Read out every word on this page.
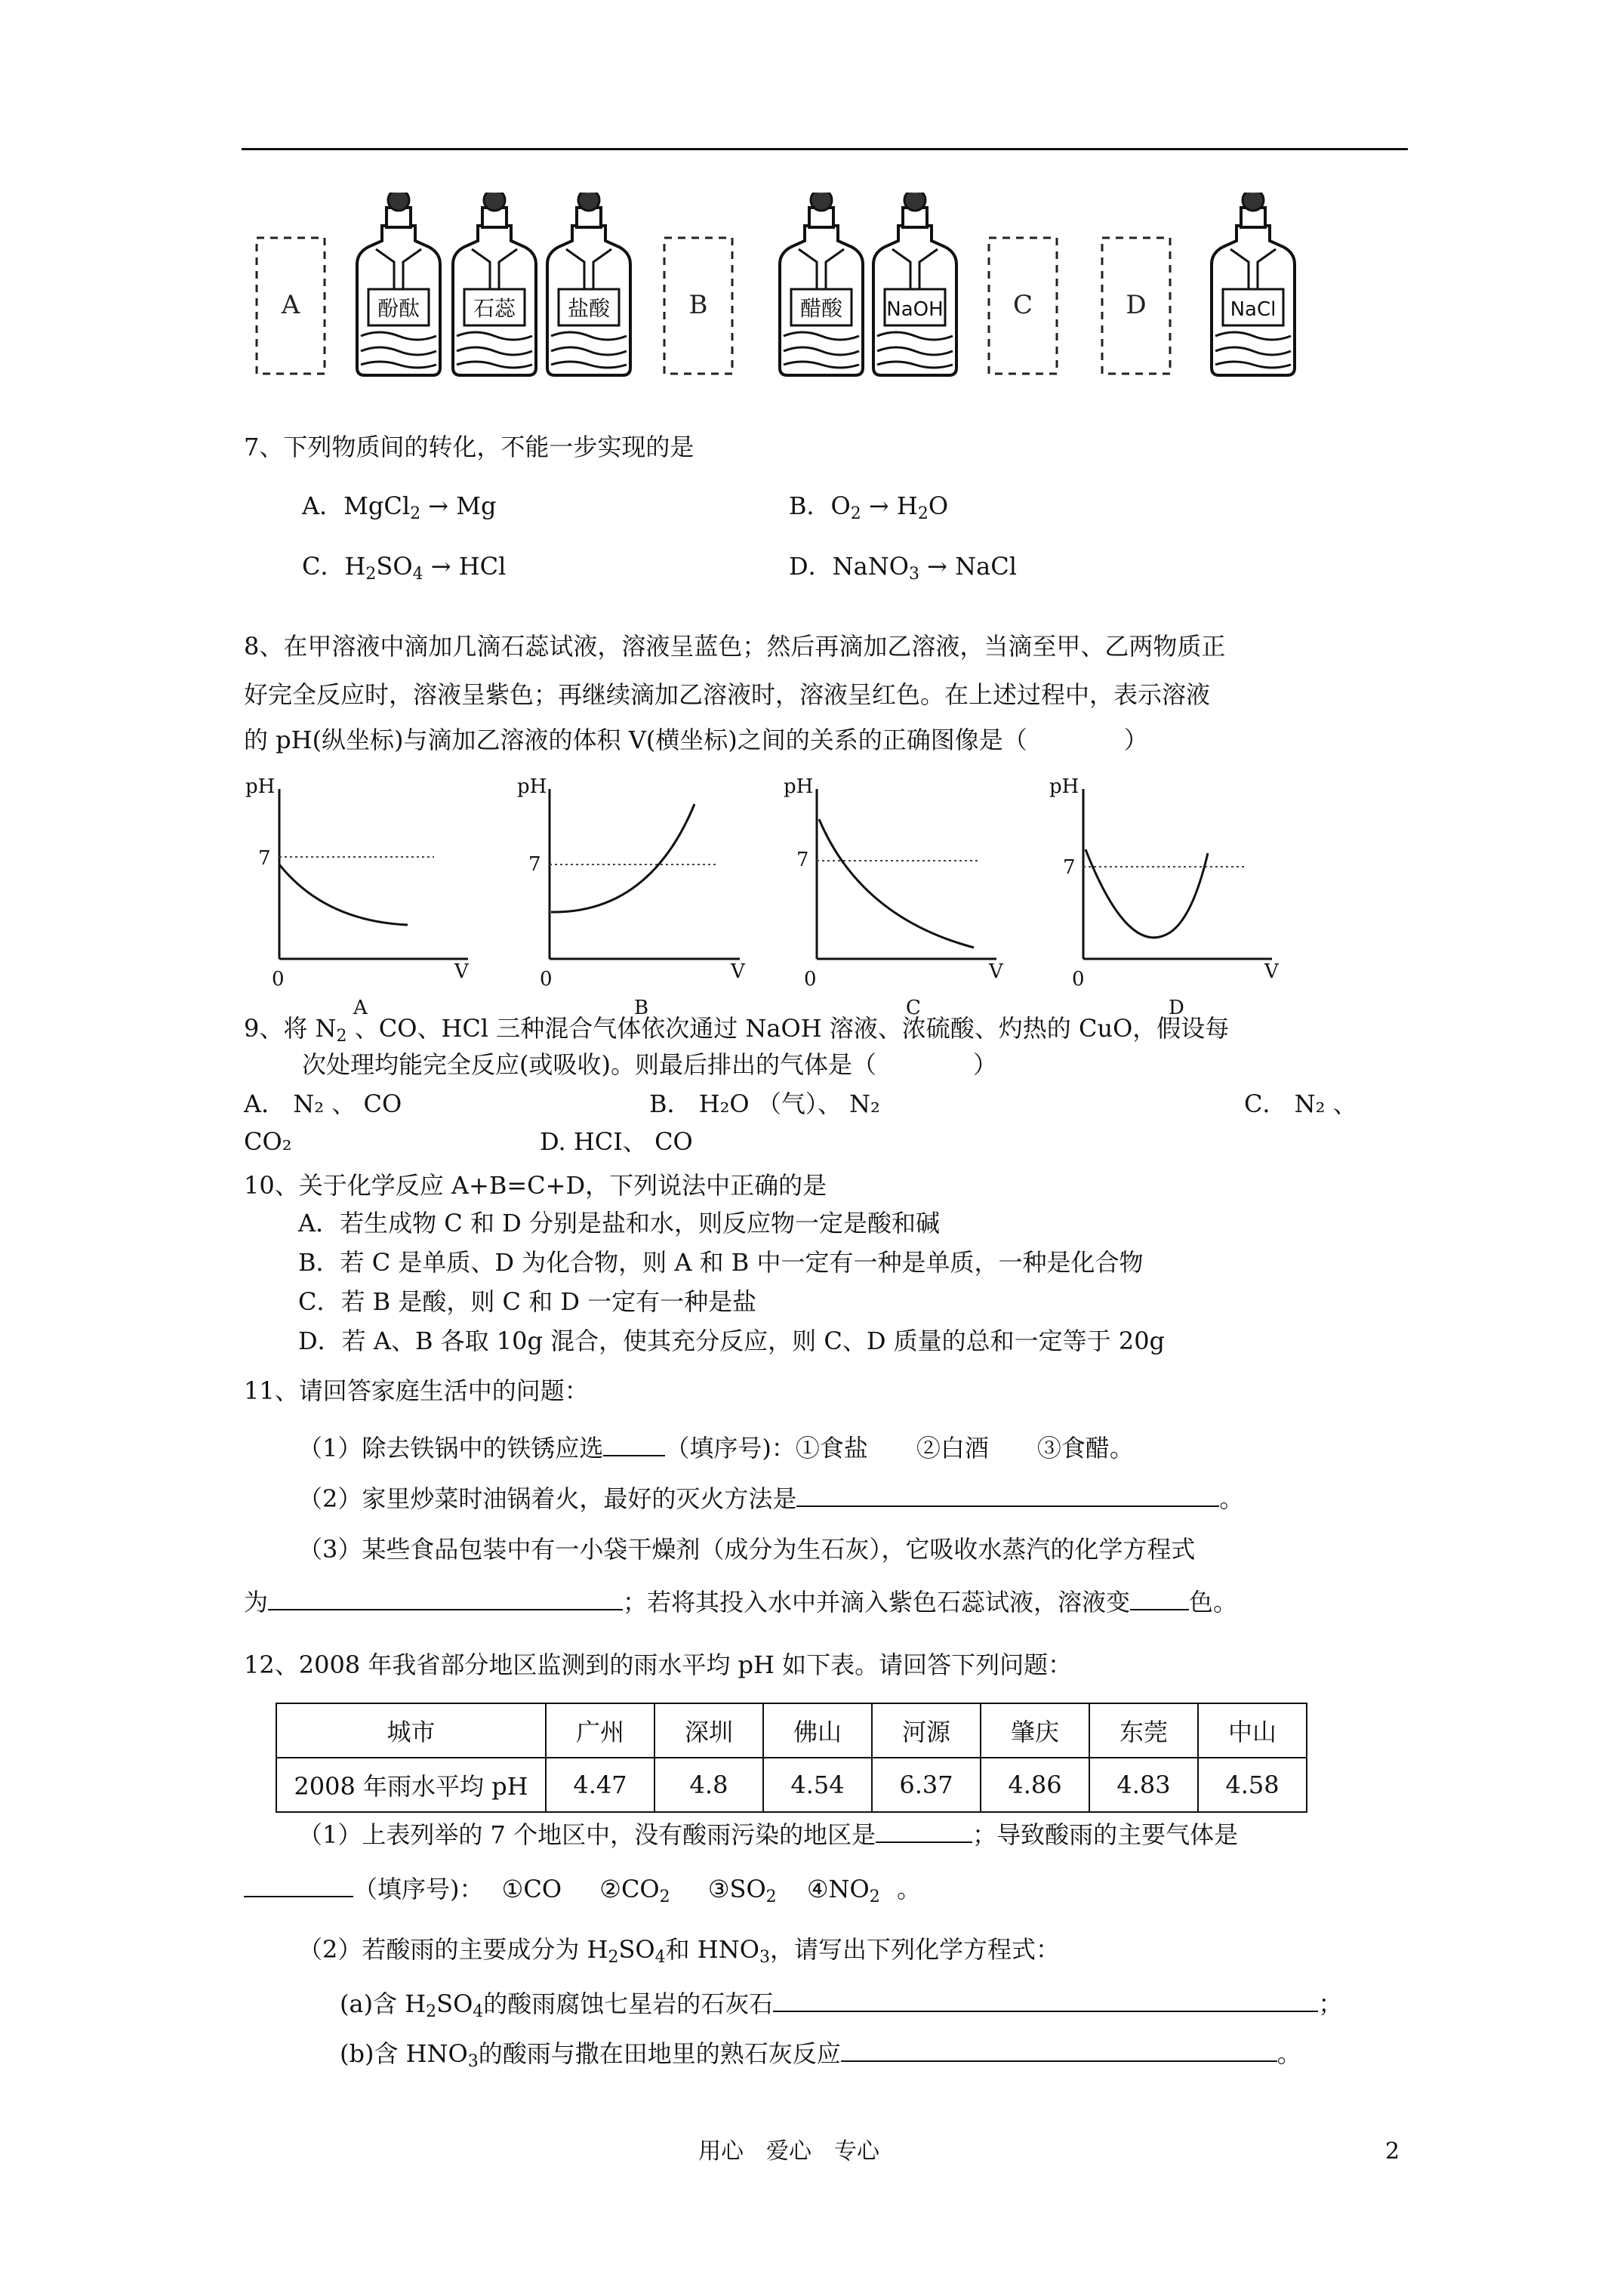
A	B	C	D
酚酞	石蕊 盐酸	醋酸 NaOH	NaCl
7、下列物质间的转化，不能一步实现的是
A．MgCl$_2$ → Mg	B．$O_2 \to H_2O$
C．$H_2SO_4$ → HCl	D．NaNO$_3$ → NaCl
8、在甲溶液中滴加几滴石蕊试液，溶液呈蓝色；然后再滴加乙溶液，当滴至甲、乙两物质正
好完全反应时，溶液呈紫色；再继续滴加乙溶液时，溶液呈红色。在上述过程中，表示溶液
的 pH(纵坐标)与滴加乙溶液的体积 V(横坐标)之间的关系的正确图像是（　　　　）
pH
7
0	V
A
pH
7
0	V
B
pH
7
0	V
C
pH
7
0	V
D
9、将 $N_2$ 、CO、HCl 三种混合气体依次通过 NaOH 溶液、浓硫酸、灼热的 CuO，假设每
次处理均能完全反应(或吸收)。则最后排出的气体是（　　　　）
A． N₂ 、 CO	B． H₂O （气）、 N₂	C． N₂ 、
CO₂	D. HCI、 CO
10、关于化学反应 A+B=C+D，下列说法中正确的是
A．若生成物 C 和 D 分别是盐和水，则反应物一定是酸和碱
B．若 C 是单质、D 为化合物，则 A 和 B 中一定有一种是单质，一种是化合物
C．若 B 是酸，则 C 和 D 一定有一种是盐
D．若 A、B 各取 10g 混合，使其充分反应，则 C、D 质量的总和一定等于 20g
11、请回答家庭生活中的问题：
（1）除去铁锅中的铁锈应选	（填序号)：①食盐　　②白酒　　③食醋。
（2）家里炒菜时油锅着火，最好的灭火方法是	。
（3）某些食品包装中有一小袋干燥剂（成分为生石灰），它吸收水蒸汽的化学方程式
为	；若将其投入水中并滴入紫色石蕊试液，溶液变 色。
12、2008 年我省部分地区监测到的雨水平均 pH 如下表。请回答下列问题：
城市	广州	深圳	佛山	河源	肇庆	东莞	中山
2008 年雨水平均 pH	4.47	4.8	4.54	6.37	4.86	4.83	4.58
（1）上表列举的 7 个地区中，没有酸雨污染的地区是	；导致酸雨的主要气体是
（填序号)： ①CO $②CO_2$ $③SO_2$ $④NO_2$ 。
（2）若酸雨的主要成分为 $H_2SO_4$和 $HNO_3$，请写出下列化学方程式：
(a)含 $H_2SO_4$的酸雨腐蚀七星岩的石灰石	；
(b)含 $HNO_3$的酸雨与撒在田地里的熟石灰反应	。
用心　爱心　专心	2
